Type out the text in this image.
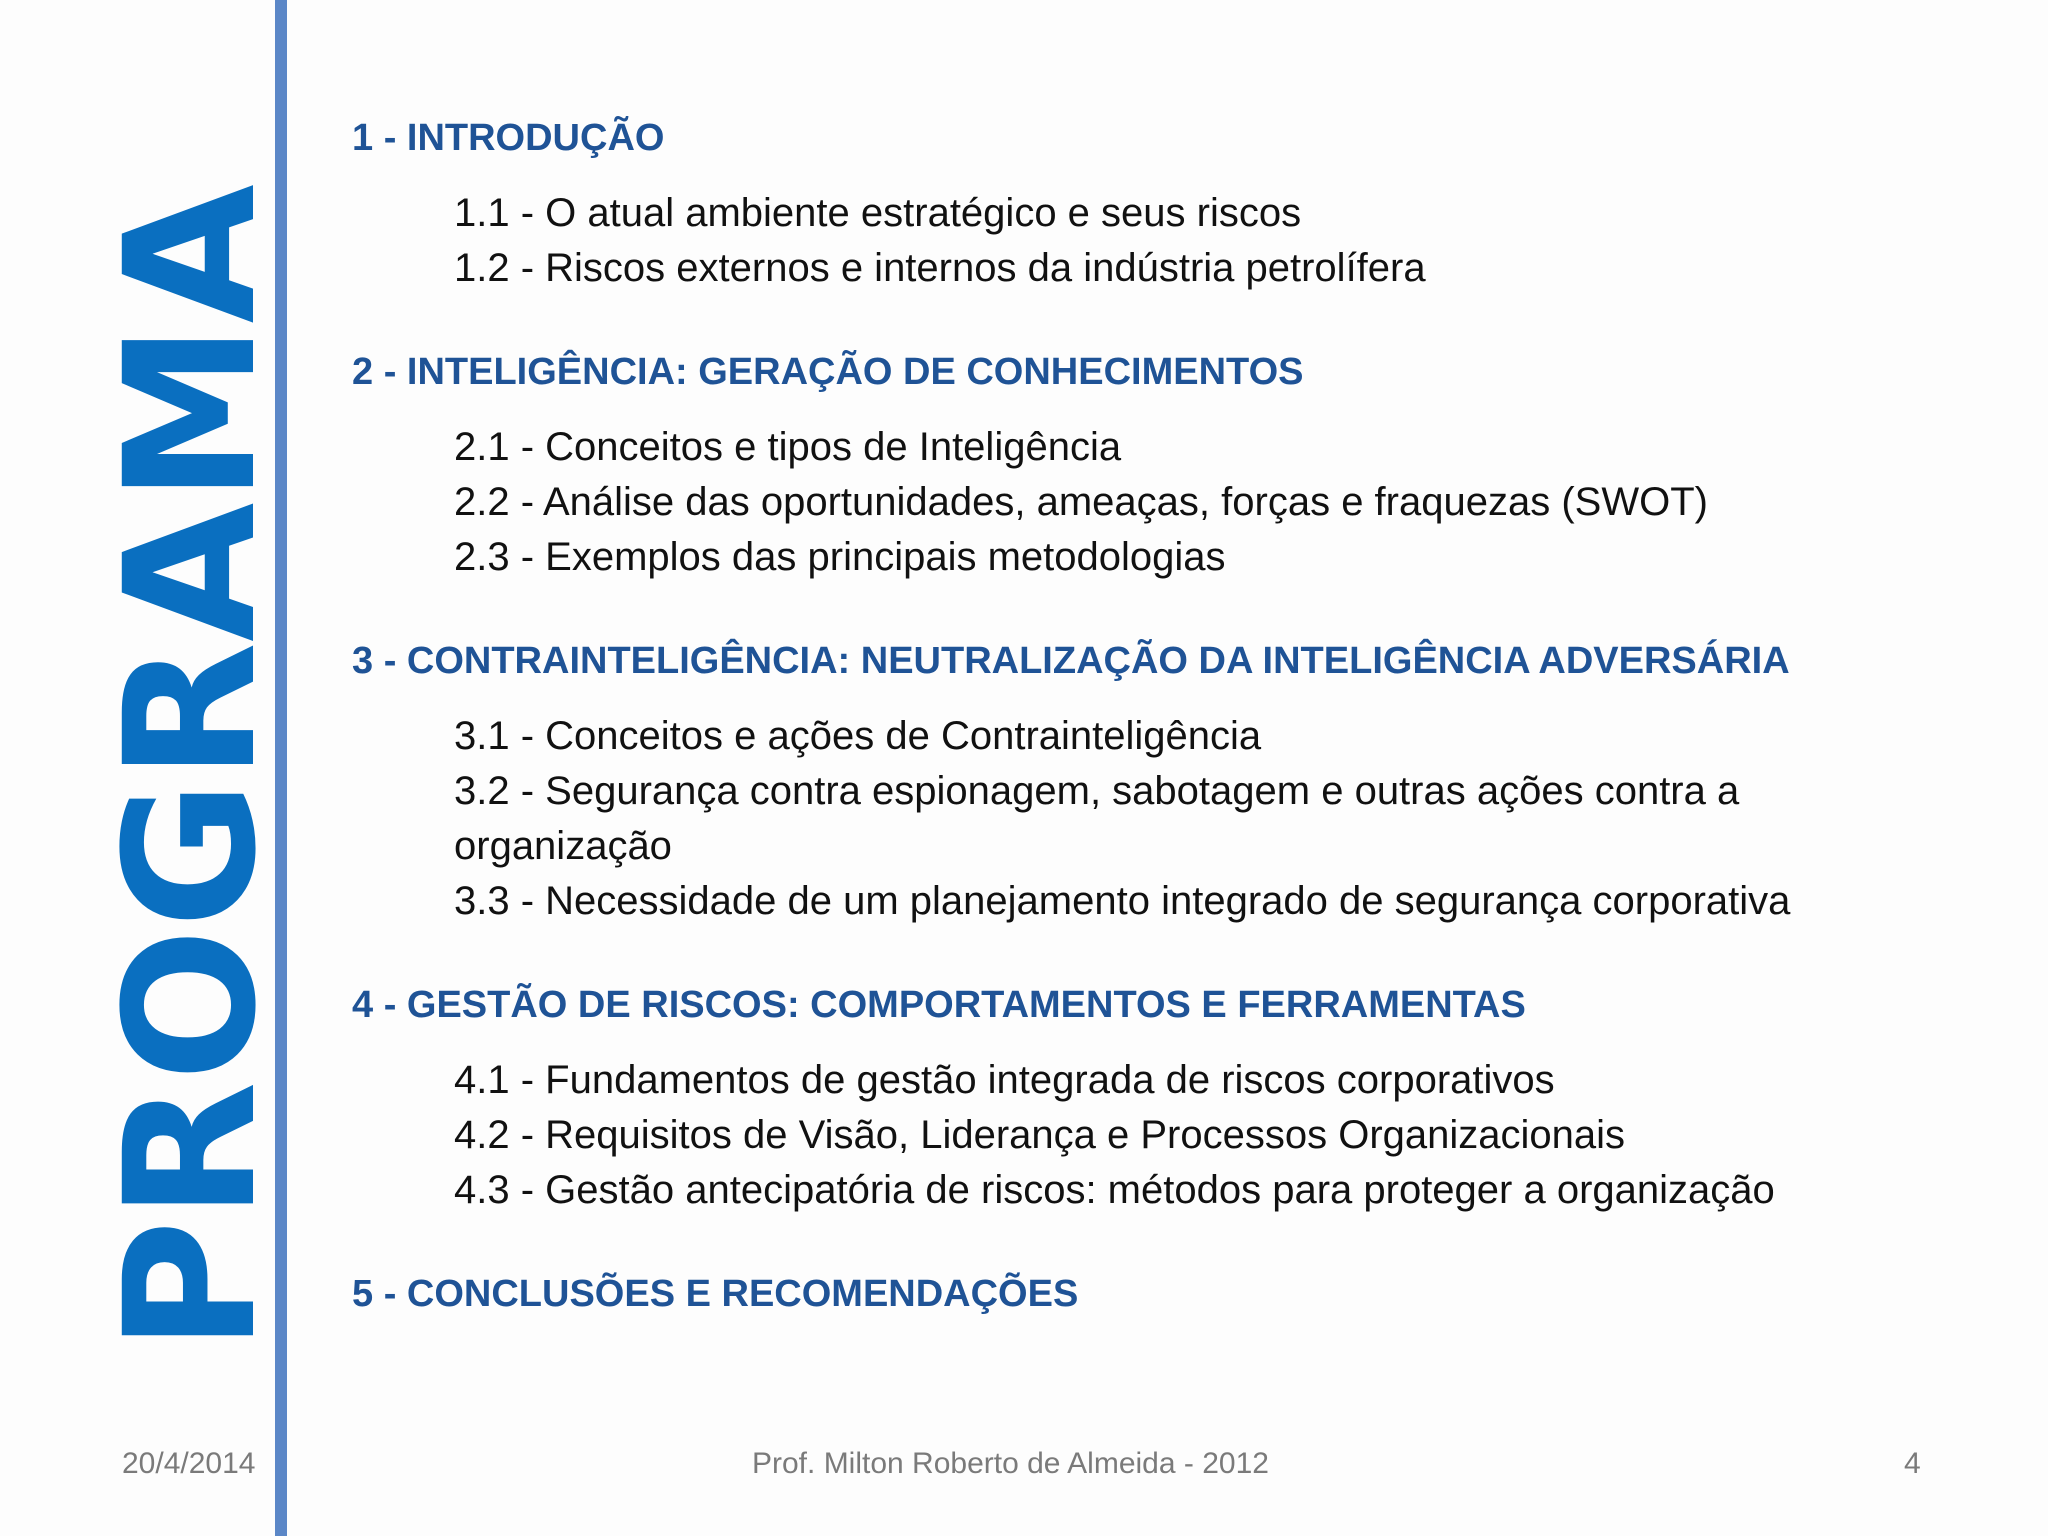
PROGRAMA
1 - INTRODUÇÃO
1.1 - O atual ambiente estratégico e seus riscos
1.2 - Riscos externos e internos da indústria petrolífera
2 - INTELIGÊNCIA: GERAÇÃO DE CONHECIMENTOS
2.1 - Conceitos e tipos de Inteligência
2.2 - Análise das oportunidades, ameaças, forças e fraquezas (SWOT)
2.3 - Exemplos das principais metodologias
3 - CONTRAINTELIGÊNCIA: NEUTRALIZAÇÃO DA INTELIGÊNCIA ADVERSÁRIA
3.1 - Conceitos e ações de Contrainteligência
3.2 - Segurança contra espionagem, sabotagem e outras ações contra a organização
3.3 - Necessidade de um planejamento integrado de segurança corporativa
4 - GESTÃO DE RISCOS: COMPORTAMENTOS E FERRAMENTAS
4.1 - Fundamentos de gestão integrada de riscos corporativos
4.2 - Requisitos de Visão, Liderança e Processos Organizacionais
4.3 - Gestão antecipatória de riscos: métodos para proteger a organização
5 - CONCLUSÕES E RECOMENDAÇÕES
20/4/2014	Prof. Milton Roberto de Almeida - 2012	4
